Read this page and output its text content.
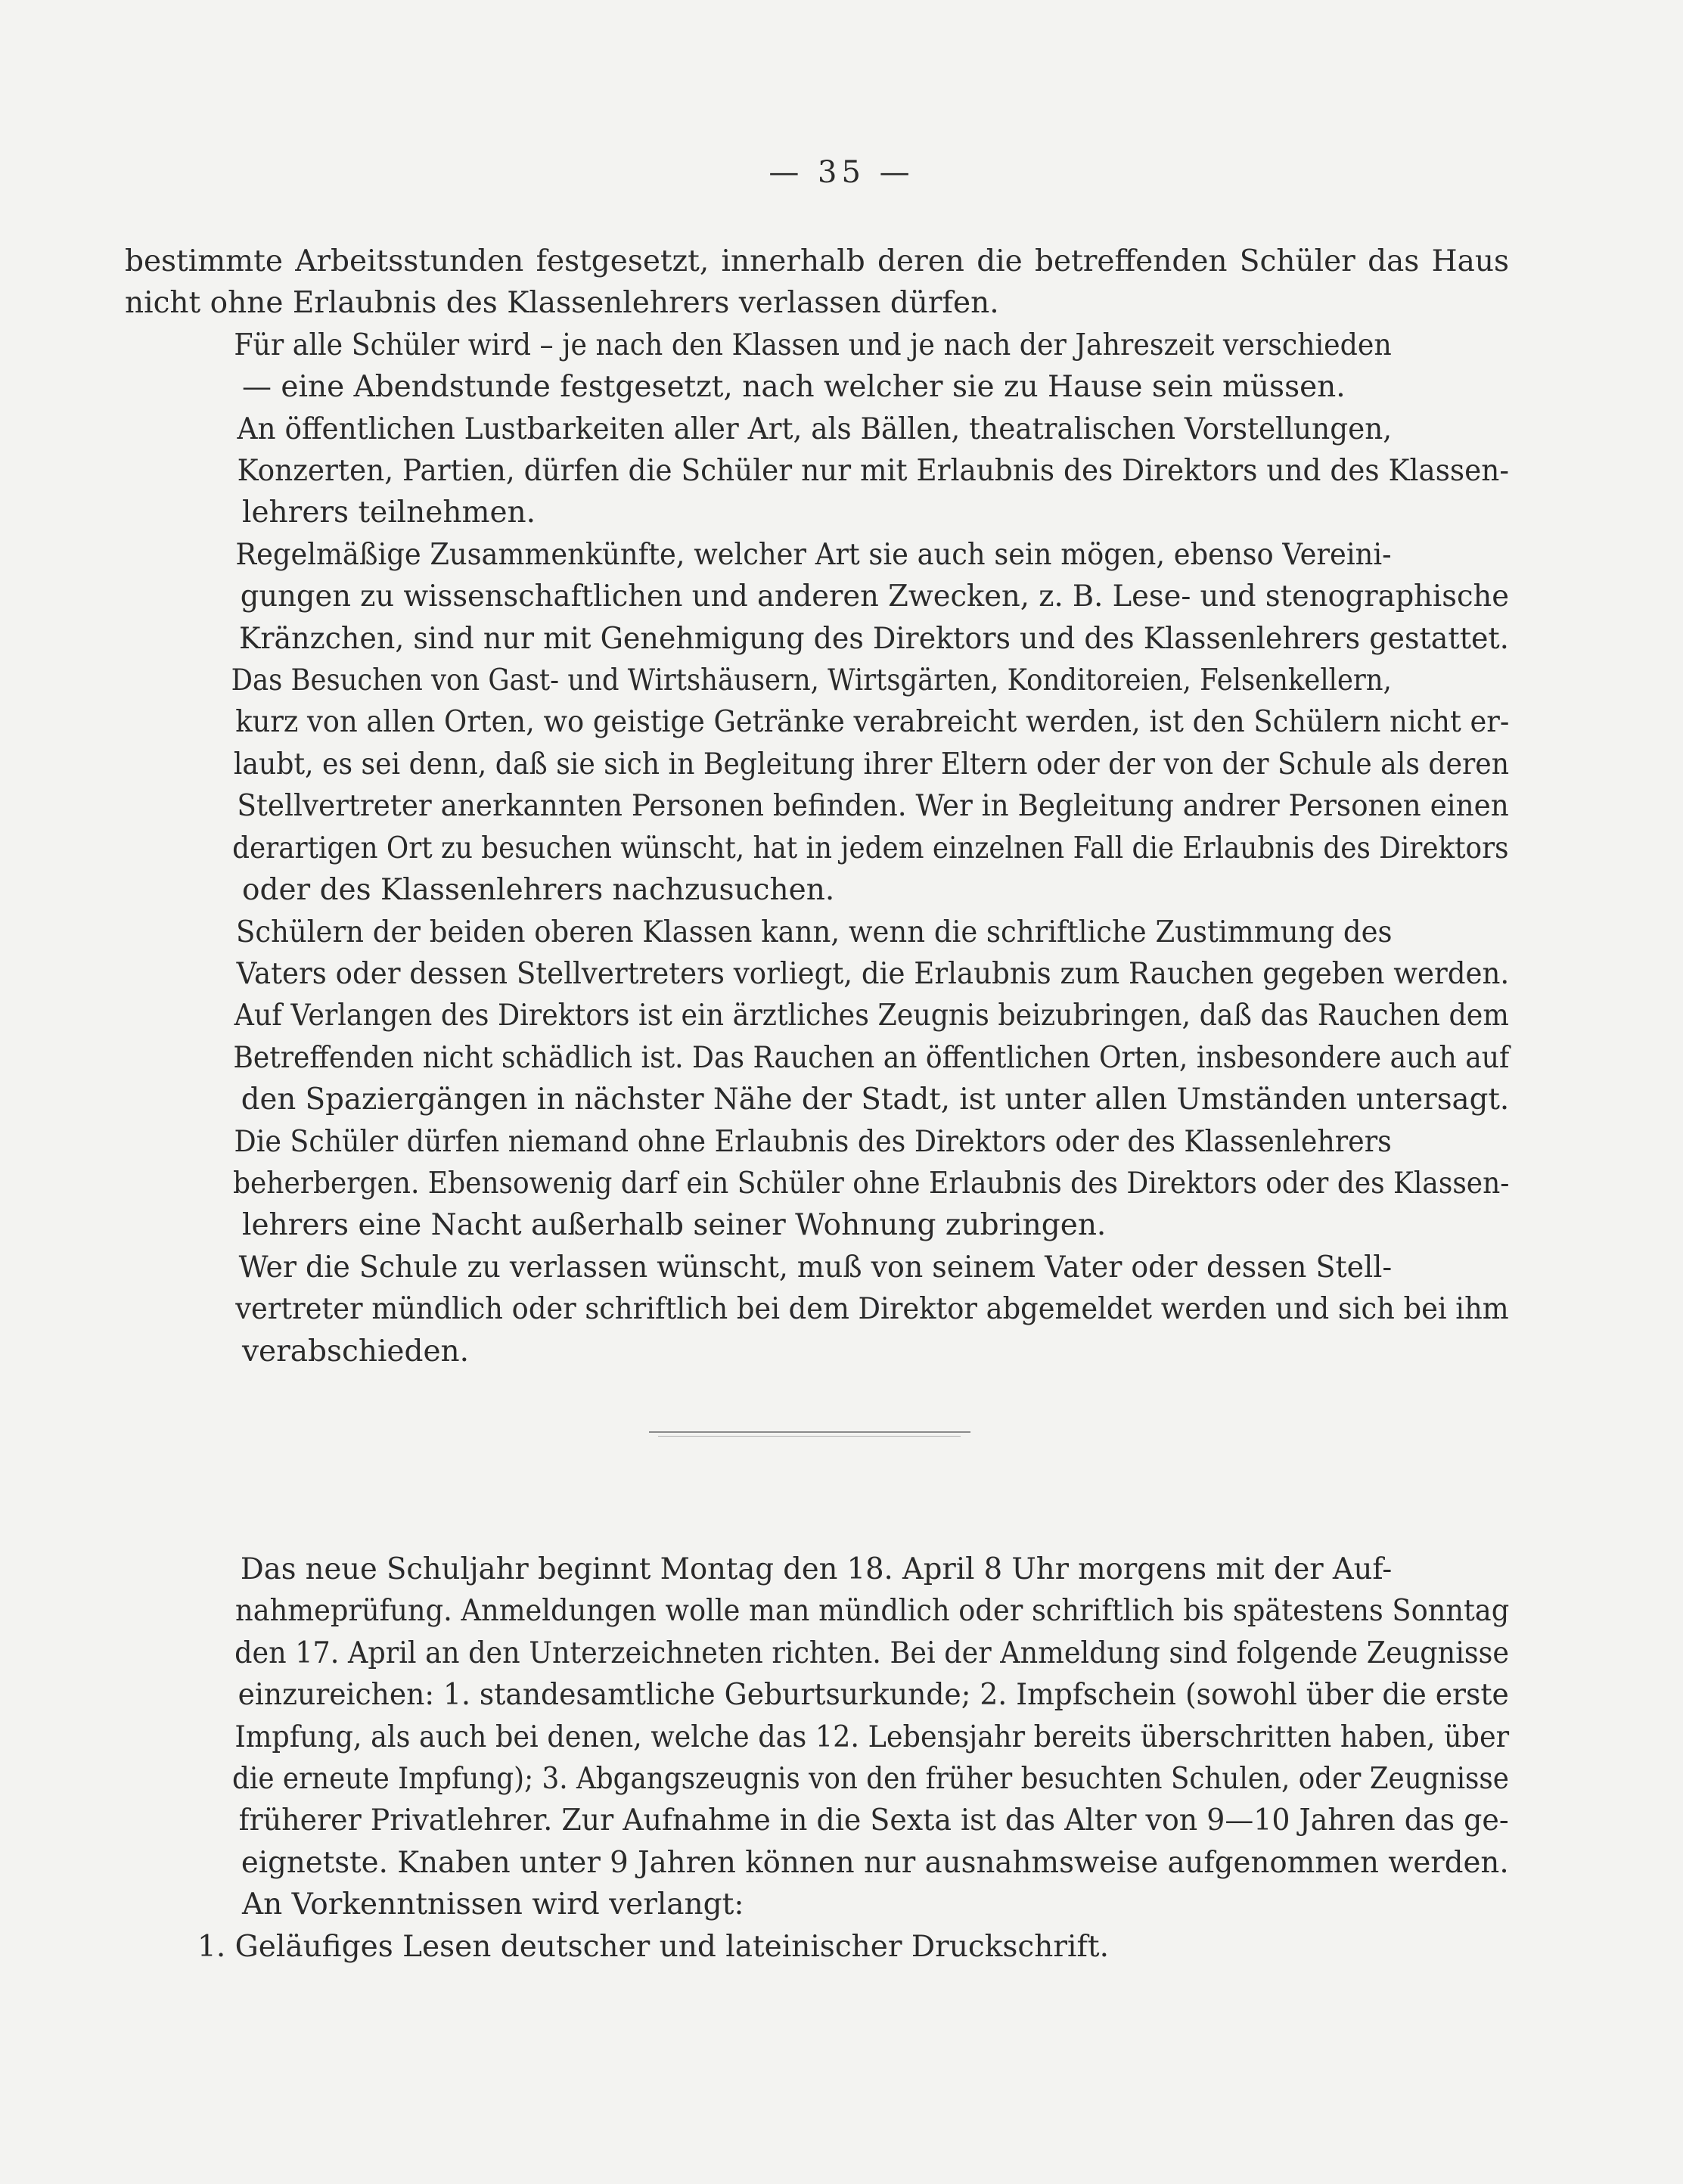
— 35 —

bestimmte Arbeitsstunden festgesetzt, innerhalb deren die betreffenden Schüler das Haus
nicht ohne Erlaubnis des Klassenlehrers verlassen dürfen.

Für alle Schüler wird – je nach den Klassen und je nach der Jahreszeit verschieden
— eine Abendstunde festgesetzt, nach welcher sie zu Hause sein müssen.

An öffentlichen Lustbarkeiten aller Art, als Bällen, theatralischen Vorstellungen,
Konzerten, Partien, dürfen die Schüler nur mit Erlaubnis des Direktors und des Klassen-
lehrers teilnehmen.

Regelmäßige Zusammenkünfte, welcher Art sie auch sein mögen, ebenso Vereini-
gungen zu wissenschaftlichen und anderen Zwecken, z. B. Lese- und stenographische
Kränzchen, sind nur mit Genehmigung des Direktors und des Klassenlehrers gestattet.

Das Besuchen von Gast- und Wirtshäusern, Wirtsgärten, Konditoreien, Felsenkellern,
kurz von allen Orten, wo geistige Getränke verabreicht werden, ist den Schülern nicht er-
laubt, es sei denn, daß sie sich in Begleitung ihrer Eltern oder der von der Schule als deren
Stellvertreter anerkannten Personen befinden. Wer in Begleitung andrer Personen einen
derartigen Ort zu besuchen wünscht, hat in jedem einzelnen Fall die Erlaubnis des Direktors
oder des Klassenlehrers nachzusuchen.

Schülern der beiden oberen Klassen kann, wenn die schriftliche Zustimmung des
Vaters oder dessen Stellvertreters vorliegt, die Erlaubnis zum Rauchen gegeben werden.
Auf Verlangen des Direktors ist ein ärztliches Zeugnis beizubringen, daß das Rauchen dem
Betreffenden nicht schädlich ist. Das Rauchen an öffentlichen Orten, insbesondere auch auf
den Spaziergängen in nächster Nähe der Stadt, ist unter allen Umständen untersagt.

Die Schüler dürfen niemand ohne Erlaubnis des Direktors oder des Klassenlehrers
beherbergen. Ebensowenig darf ein Schüler ohne Erlaubnis des Direktors oder des Klassen-
lehrers eine Nacht außerhalb seiner Wohnung zubringen.

Wer die Schule zu verlassen wünscht, muß von seinem Vater oder dessen Stell-
vertreter mündlich oder schriftlich bei dem Direktor abgemeldet werden und sich bei ihm
verabschieden.

Das neue Schuljahr beginnt Montag den 18. April 8 Uhr morgens mit der Auf-
nahmeprüfung. Anmeldungen wolle man mündlich oder schriftlich bis spätestens Sonntag
den 17. April an den Unterzeichneten richten. Bei der Anmeldung sind folgende Zeugnisse
einzureichen: 1. standesamtliche Geburtsurkunde; 2. Impfschein (sowohl über die erste
Impfung, als auch bei denen, welche das 12. Lebensjahr bereits überschritten haben, über
die erneute Impfung); 3. Abgangszeugnis von den früher besuchten Schulen, oder Zeugnisse
früherer Privatlehrer. Zur Aufnahme in die Sexta ist das Alter von 9—10 Jahren das ge-
eignetste. Knaben unter 9 Jahren können nur ausnahmsweise aufgenommen werden.

An Vorkenntnissen wird verlangt:

1. Geläufiges Lesen deutscher und lateinischer Druckschrift.
